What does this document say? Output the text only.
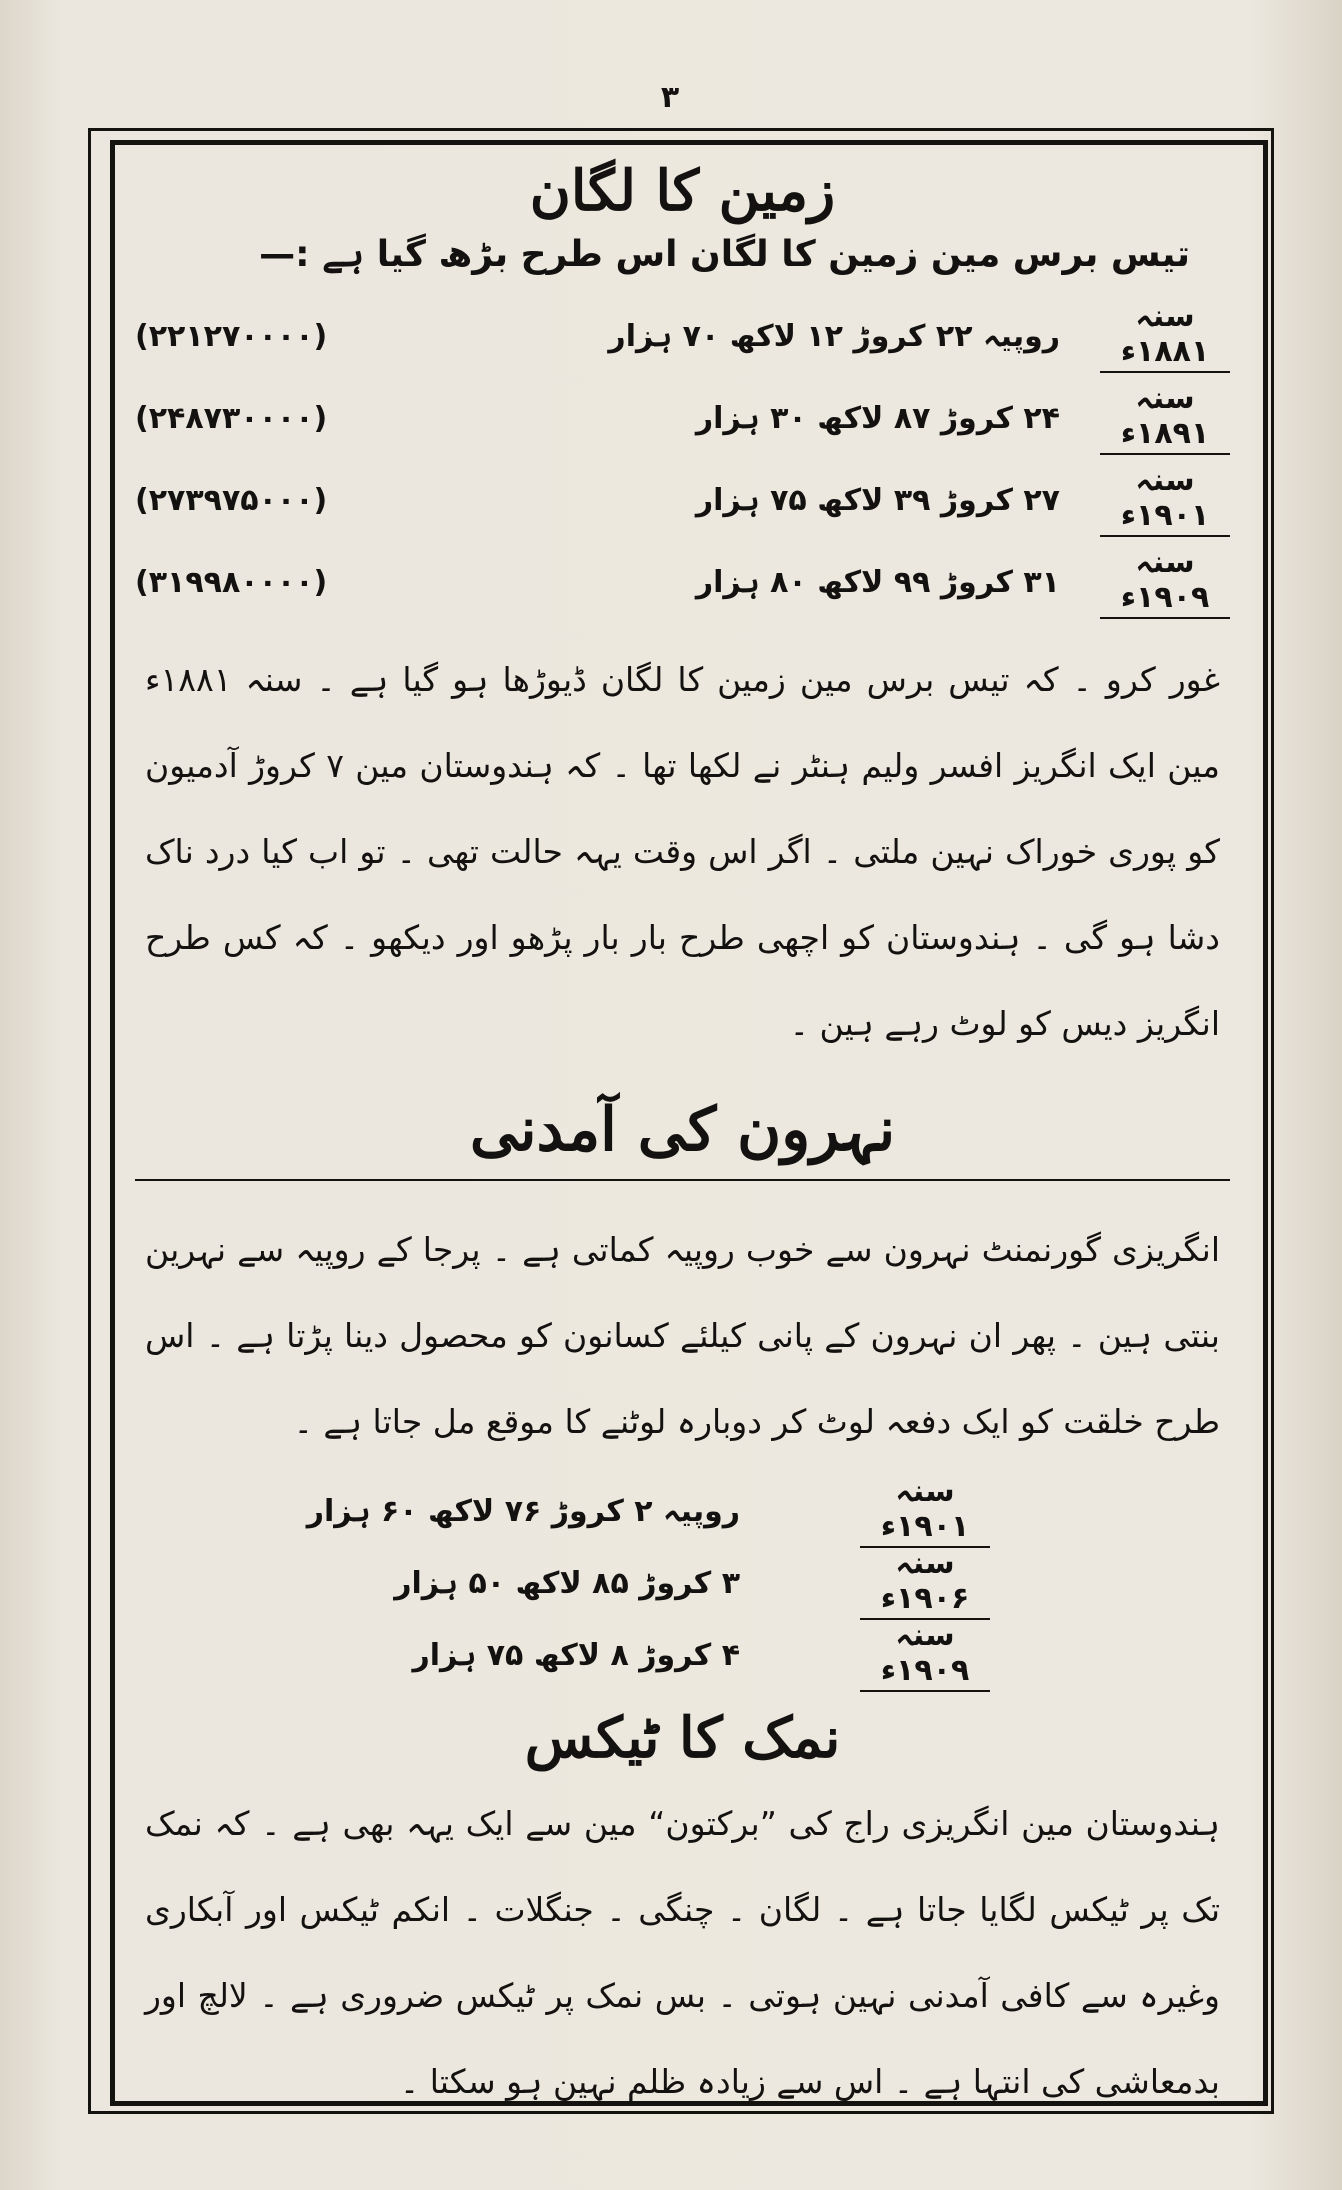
۳
زمین کا لگان
تیس برس مین زمین کا لگان اس طرح بڑھ گیا ہے :—
سنہ ۱۸۸۱ء
روپیہ ۲۲ کروڑ ۱۲ لاکھ ۷۰ ہزار
(۲۲۱۲۷۰۰۰۰)
سنہ ۱۸۹۱ء
۲۴ کروڑ ۸۷ لاکھ ۳۰ ہزار
(۲۴۸۷۳۰۰۰۰)
سنہ ۱۹۰۱ء
۲۷ کروڑ ۳۹ لاکھ ۷۵ ہزار
(۲۷۳۹۷۵۰۰۰)
سنہ ۱۹۰۹ء
۳۱ کروڑ ۹۹ لاکھ ۸۰ ہزار
(۳۱۹۹۸۰۰۰۰)
غور کرو ۔ کہ تیس برس مین زمین کا لگان ڈیوڑھا ہو گیا ہے ۔ سنہ ۱۸۸۱ء مین ایک انگریز افسر ولیم ہنٹر نے لکھا تھا ۔ کہ ہندوستان مین ۷ کروڑ آدمیون کو پوری خوراک نہین ملتی ۔ اگر اس وقت یہہ حالت تھی ۔ تو اب کیا درد ناک دشا ہو گی ۔ ہندوستان کو اچھی طرح بار بار پڑھو اور دیکھو ۔ کہ کس طرح انگریز دیس کو لوٹ رہے ہین ۔
نہرون کی آمدنی
انگریزی گورنمنٹ نہرون سے خوب روپیہ کماتی ہے ۔ پرجا کے روپیہ سے نہرین بنتی ہین ۔ پھر ان نہرون کے پانی کیلئے کسانون کو محصول دینا پڑتا ہے ۔ اس طرح خلقت کو ایک دفعہ لوٹ کر دوبارہ لوٹنے کا موقع مل جاتا ہے ۔
سنہ ۱۹۰۱ء
روپیہ ۲ کروڑ ۷۶ لاکھ ۶۰ ہزار
سنہ ۱۹۰۶ء
۳ کروڑ ۸۵ لاکھ ۵۰ ہزار
سنہ ۱۹۰۹ء
۴ کروڑ ۸ لاکھ ۷۵ ہزار
نمک کا ٹیکس
ہندوستان مین انگریزی راج کی ”برکتون“ مین سے ایک یہہ بھی ہے ۔ کہ نمک تک پر ٹیکس لگایا جاتا ہے ۔ لگان ۔ چنگی ۔ جنگلات ۔ انکم ٹیکس اور آبکاری وغیرہ سے کافی آمدنی نہین ہوتی ۔ بس نمک پر ٹیکس ضروری ہے ۔ لالچ اور بدمعاشی کی انتہا ہے ۔ اس سے زیادہ ظلم نہین ہو سکتا ۔
